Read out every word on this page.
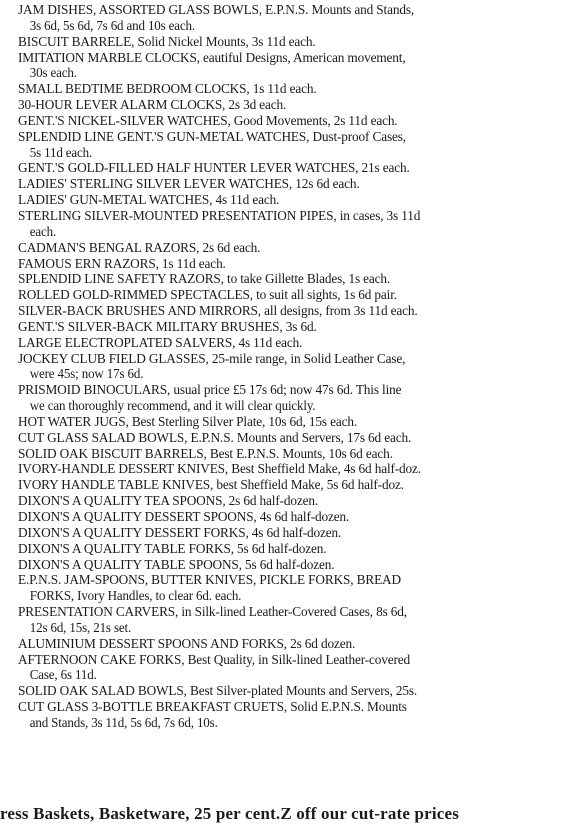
JAM DISHES, ASSORTED GLASS BOWLS, E.P.N.S. Mounts and Stands,
3s 6d, 5s 6d, 7s 6d and 10s each.
BISCUIT BARRELE, Solid Nickel Mounts, 3s 11d each.
IMITATION MARBLE CLOCKS, eautiful Designs, American movement,
30s each.
SMALL BEDTIME BEDROOM CLOCKS, 1s 11d each.
30-HOUR LEVER ALARM CLOCKS, 2s 3d each.
GENT.'S NICKEL-SILVER WATCHES, Good Movements, 2s 11d each.
SPLENDID LINE GENT.'S GUN-METAL WATCHES, Dust-proof Cases,
5s 11d each.
GENT.'S GOLD-FILLED HALF HUNTER LEVER WATCHES, 21s each.
LADIES' STERLING SILVER LEVER WATCHES, 12s 6d each.
LADIES' GUN-METAL WATCHES, 4s 11d each.
STERLING SILVER-MOUNTED PRESENTATION PIPES, in cases, 3s 11d
each.
CADMAN'S BENGAL RAZORS, 2s 6d each.
FAMOUS ERN RAZORS, 1s 11d each.
SPLENDID LINE SAFETY RAZORS, to take Gillette Blades, 1s each.
ROLLED GOLD-RIMMED SPECTACLES, to suit all sights, 1s 6d pair.
SILVER-BACK BRUSHES AND MIRRORS, all designs, from 3s 11d each.
GENT.'S SILVER-BACK MILITARY BRUSHES, 3s 6d.
LARGE ELECTROPLATED SALVERS, 4s 11d each.
JOCKEY CLUB FIELD GLASSES, 25-mile range, in Solid Leather Case,
were 45s; now 17s 6d.
PRISMOID BINOCULARS, usual price £5 17s 6d; now 47s 6d. This line
we can thoroughly recommend, and it will clear quickly.
HOT WATER JUGS, Best Sterling Silver Plate, 10s 6d, 15s each.
CUT GLASS SALAD BOWLS, E.P.N.S. Mounts and Servers, 17s 6d each.
SOLID OAK BISCUIT BARRELS, Best E.P.N.S. Mounts, 10s 6d each.
IVORY-HANDLE DESSERT KNIVES, Best Sheffield Make, 4s 6d half-doz.
IVORY HANDLE TABLE KNIVES, best Sheffield Make, 5s 6d half-doz.
DIXON'S A QUALITY TEA SPOONS, 2s 6d half-dozen.
DIXON'S A QUALITY DESSERT SPOONS, 4s 6d half-dozen.
DIXON'S A QUALITY DESSERT FORKS, 4s 6d half-dozen.
DIXON'S A QUALITY TABLE FORKS, 5s 6d half-dozen.
DIXON'S A QUALITY TABLE SPOONS, 5s 6d half-dozen.
E.P.N.S. JAM-SPOONS, BUTTER KNIVES, PICKLE FORKS, BREAD
FORKS, Ivory Handles, to clear 6d. each.
PRESENTATION CARVERS, in Silk-lined Leather-Covered Cases, 8s 6d,
12s 6d, 15s, 21s set.
ALUMINIUM DESSERT SPOONS AND FORKS, 2s 6d dozen.
AFTERNOON CAKE FORKS, Best Quality, in Silk-lined Leather-covered
Case, 6s 11d.
SOLID OAK SALAD BOWLS, Best Silver-plated Mounts and Servers, 25s.
CUT GLASS 3-BOTTLE BREAKFAST CRUETS, Solid E.P.N.S. Mounts
and Stands, 3s 11d, 5s 6d, 7s 6d, 10s.
ress Baskets, Basketware, 25 per cent.Z off our cut-rate prices
